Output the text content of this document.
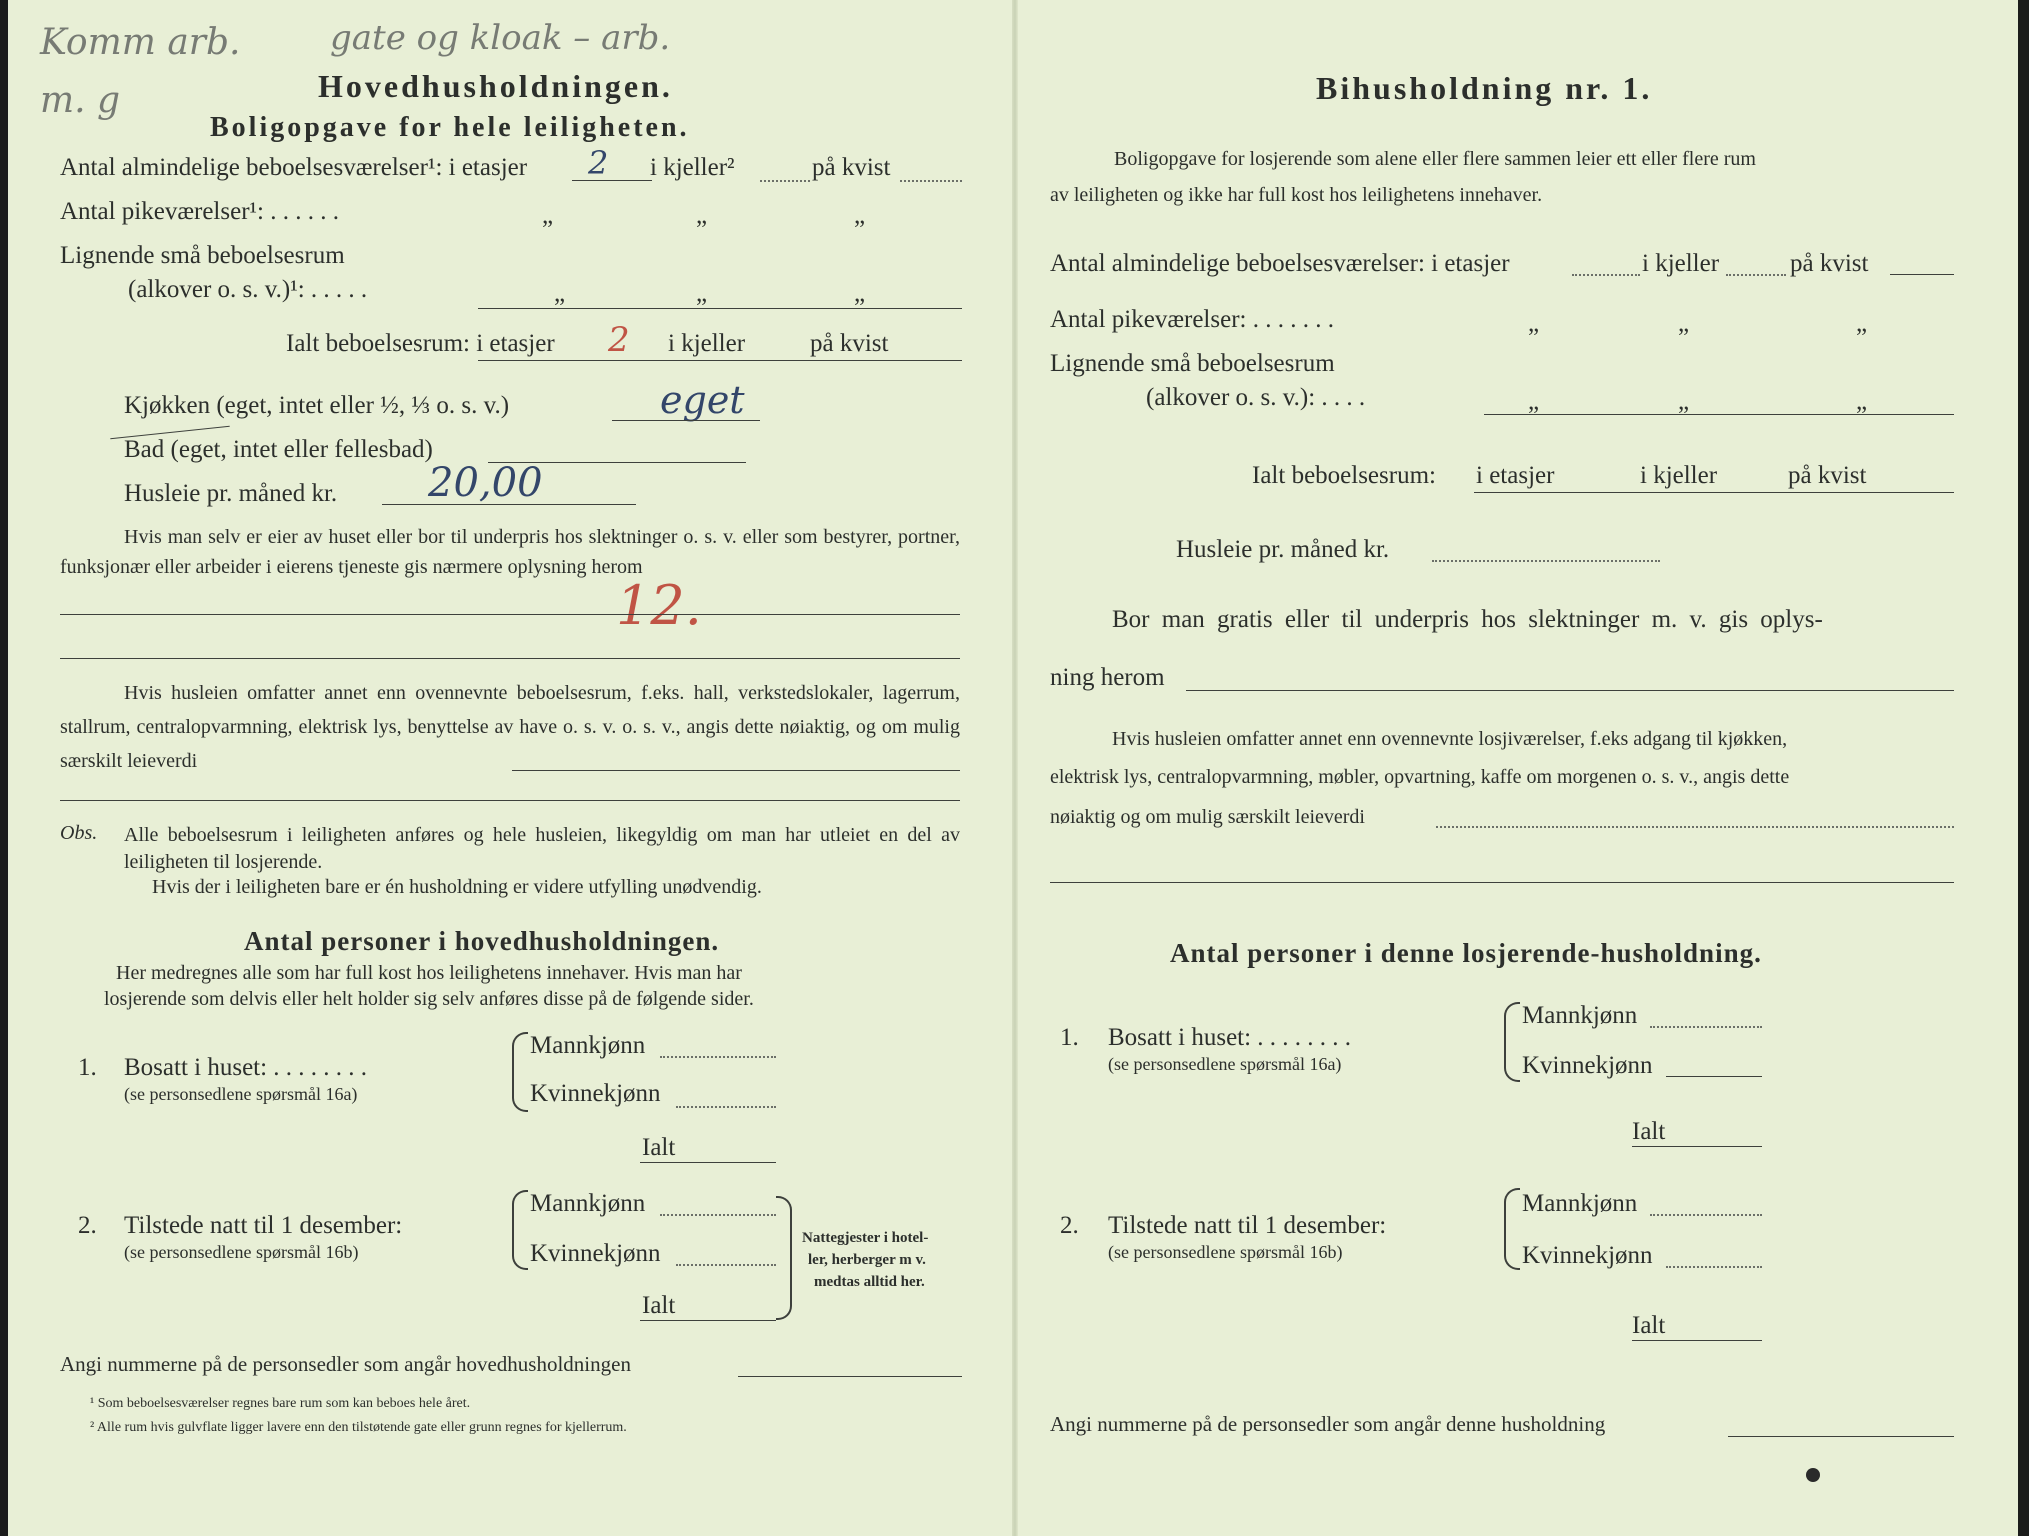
Komm arb.
m. g
gate og kloak – arb.
Hovedhusholdningen.
Boligopgave for hele leiligheten.
Antal almindelige beboelsesværelser¹: i etasjer 2 i kjeller²	på kvist
Antal pikeværelser¹: . . . . . .	„	„	„
Lignende små beboelsesrum
(alkover o. s. v.)¹: . . . . .	„	„	„
Ialt beboelsesrum: i etasjer 2 i kjeller	på kvist
Kjøkken (eget, intet eller ½, ⅓ o. s. v.)	eget
Bad (eget, intet eller fellesbad)
Husleie pr. måned kr. 20,00
Hvis man selv er eier av huset eller bor til underpris hos slektninger o. s. v. eller som bestyrer, portner, funksjonær eller arbeider i eierens tjeneste gis nærmere oplysning herom
12.
Hvis husleien omfatter annet enn ovennevnte beboelsesrum, f.eks. hall, verkstedslokaler, lagerrum, stallrum, centralopvarmning, elektrisk lys, benyttelse av have o. s. v. o. s. v., angis dette nøiaktig, og om mulig særskilt leieverdi
Obs. Alle beboelsesrum i leiligheten anføres og hele husleien, likegyldig om man har utleiet en del av leiligheten til losjerende.
Hvis der i leiligheten bare er én husholdning er videre utfylling unødvendig.
Antal personer i hovedhusholdningen.
Her medregnes alle som har full kost hos leilighetens innehaver. Hvis man har
losjerende som delvis eller helt holder sig selv anføres disse på de følgende sider.
1. Bosatt i huset: . . . . . . . .
(se personsedlene spørsmål 16a)
Mannkjønn
Kvinnekjønn
Ialt
2. Tilstede natt til 1 desember:
(se personsedlene spørsmål 16b)
Mannkjønn
Kvinnekjønn
Ialt
Nattegjester i hotel-
ler, herberger m v.
medtas alltid her.
Angi nummerne på de personsedler som angår hovedhusholdningen
¹ Som beboelsesværelser regnes bare rum som kan beboes hele året.
² Alle rum hvis gulvflate ligger lavere enn den tilstøtende gate eller grunn regnes for kjellerrum.
Bihusholdning nr. 1.
Boligopgave for losjerende som alene eller flere sammen leier ett eller flere rum
av leiligheten og ikke har full kost hos leilighetens innehaver.
Antal almindelige beboelsesværelser: i etasjer	i kjeller	på kvist
Antal pikeværelser: . . . . . . .	„	„	„
Lignende små beboelsesrum
(alkover o. s. v.): . . . .	„	„	„
Ialt beboelsesrum: i etasjer	i kjeller	på kvist
Husleie pr. måned kr.
Bor man gratis eller til underpris hos slektninger m. v. gis oplys-
ning herom
Hvis husleien omfatter annet enn ovennevnte losjiværelser, f.eks adgang til kjøkken,
elektrisk lys, centralopvarmning, møbler, opvartning, kaffe om morgenen o. s. v., angis dette
nøiaktig og om mulig særskilt leieverdi
Antal personer i denne losjerende-husholdning.
1. Bosatt i huset: . . . . . . . .
(se personsedlene spørsmål 16a)
Mannkjønn
Kvinnekjønn
Ialt
2. Tilstede natt til 1 desember:
(se personsedlene spørsmål 16b)
Mannkjønn
Kvinnekjønn
Ialt
Angi nummerne på de personsedler som angår denne husholdning
